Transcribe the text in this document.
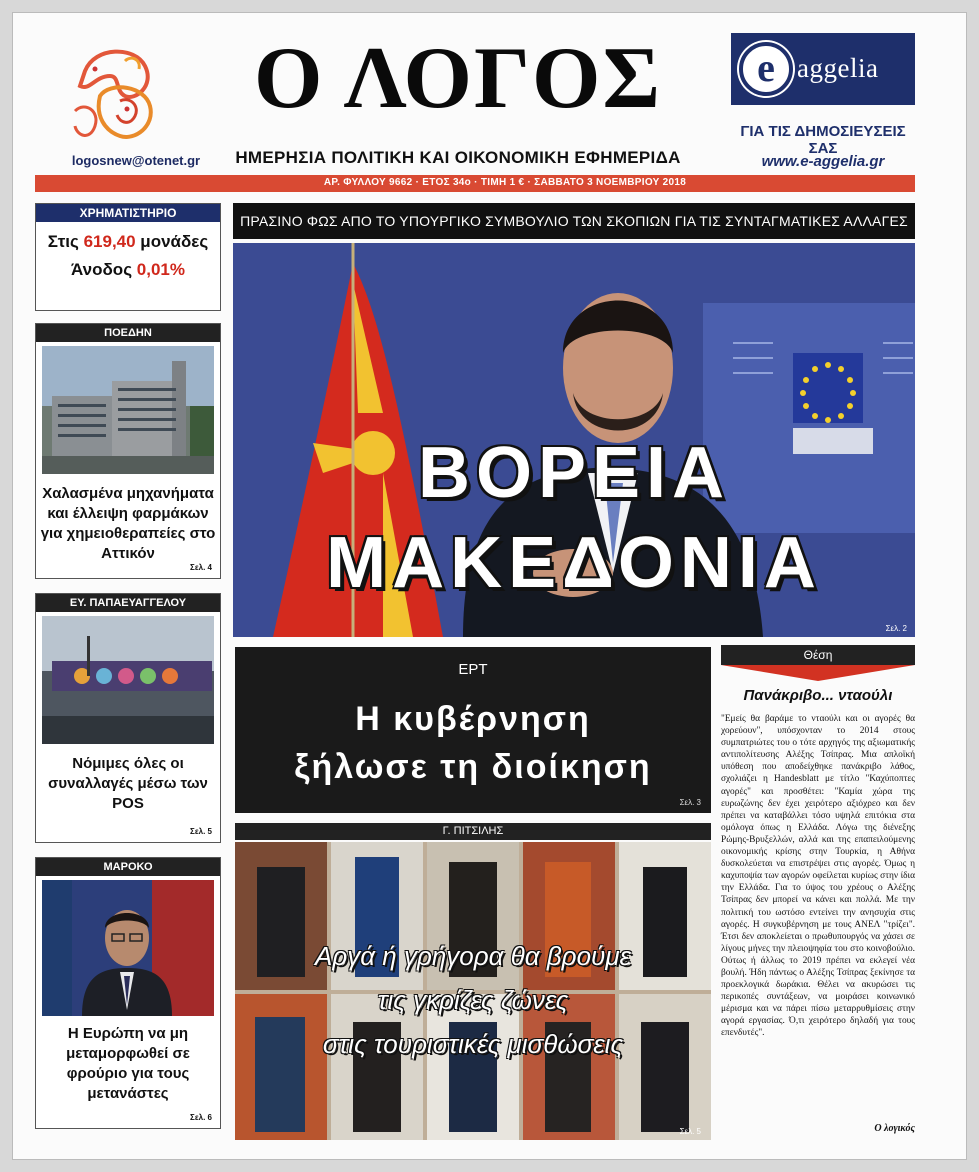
logosnew@otenet.gr
Ο ΛΟΓΟΣ
ΗΜΕΡΗΣΙΑ ΠΟΛΙΤΙΚΗ ΚΑΙ ΟΙΚΟΝΟΜΙΚΗ ΕΦΗΜΕΡΙΔΑ
e aggelia
ΓΙΑ ΤΙΣ ΔΗΜΟΣΙΕΥΣΕΙΣ ΣΑΣ
www.e-aggelia.gr
ΑΡ. ΦΥΛΛΟΥ 9662 · ΕΤΟΣ 34ο · ΤΙΜΗ 1 € · ΣΑΒΒΑΤΟ 3 ΝΟΕΜΒΡΙΟΥ 2018
ΧΡΗΜΑΤΙΣΤΗΡΙΟ
Στις 619,40 μονάδες
Άνοδος 0,01%
ΠΟΕΔΗΝ
Χαλασμένα μηχανήματα και έλλειψη φαρμάκων για χημειοθεραπείες στο Αττικόν
Σελ. 4
ΕΥ. ΠΑΠΑΕΥΑΓΓΕΛΟΥ
Νόμιμες όλες οι συναλλαγές μέσω των POS
Σελ. 5
ΜΑΡΟΚΟ
Η Ευρώπη να μη μεταμορφωθεί σε φρούριο για τους μετανάστες
Σελ. 6
ΠΡΑΣΙΝΟ ΦΩΣ ΑΠΟ ΤΟ ΥΠΟΥΡΓΙΚΟ ΣΥΜΒΟΥΛΙΟ ΤΩΝ ΣΚΟΠΙΩΝ ΓΙΑ ΤΙΣ ΣΥΝΤΑΓΜΑΤΙΚΕΣ ΑΛΛΑΓΕΣ
ΒΟΡΕΙΑ
ΜΑΚΕΔΟΝΙΑ
Σελ. 2
ΕΡΤ
Η κυβέρνηση
ξήλωσε τη διοίκηση
Σελ. 3
Γ. ΠΙΤΣΙΛΗΣ
Αργά ή γρήγορα θα βρούμε
τις γκρίζες ζώνες
στις τουριστικές μισθώσεις
Σελ. 5
Θέση
Πανάκριβο... νταούλι
"Εμείς θα βαράμε το νταούλι και οι αγορές θα χορεύουν", υπόσχονταν το 2014 στους συμπατριώτες του ο τότε αρχηγός της αξιωματικής αντιπολίτευσης Αλέξης Τσίπρας. Μια απλοϊκή υπόθεση που αποδείχθηκε πανάκριβο λάθος, σχολιάζει η Handesblatt με τίτλο "Καχύποπτες αγορές" και προσθέτει: "Καμία χώρα της ευρωζώνης δεν έχει χειρότερο αξιόχρεο και δεν πρέπει να καταβάλλει τόσο υψηλά επιτόκια στα ομόλογα όπως η Ελλάδα. Λόγω της διένεξης Ρώμης-Βρυξελλών, αλλά και της επαπειλούμενης οικονομικής κρίσης στην Τουρκία, η Αθήνα δυσκολεύεται να επιστρέψει στις αγορές. Όμως η καχυποψία των αγορών οφείλεται κυρίως στην ίδια την Ελλάδα. Για το ύψος του χρέους ο Αλέξης Τσίπρας δεν μπορεί να κάνει και πολλά. Με την πολιτική του ωστόσο εντείνει την ανησυχία στις αγορές. Η συγκυβέρνηση με τους ΑΝΕΛ "τρίζει". Έτσι δεν αποκλείεται ο πρωθυπουργός να χάσει σε λίγους μήνες την πλειοψηφία του στο κοινοβούλιο. Ούτως ή άλλως το 2019 πρέπει να εκλεγεί νέα βουλή. Ήδη πάντως ο Αλέξης Τσίπρας ξεκίνησε τα προεκλογικά δωράκια. Θέλει να ακυρώσει τις περικοπές συντάξεων, να μοιράσει κοινωνικό μέρισμα και να πάρει πίσω μεταρρυθμίσεις στην αγορά εργασίας. Ό,τι χειρότερο δηλαδή για τους επενδυτές".
Ο λογικός
